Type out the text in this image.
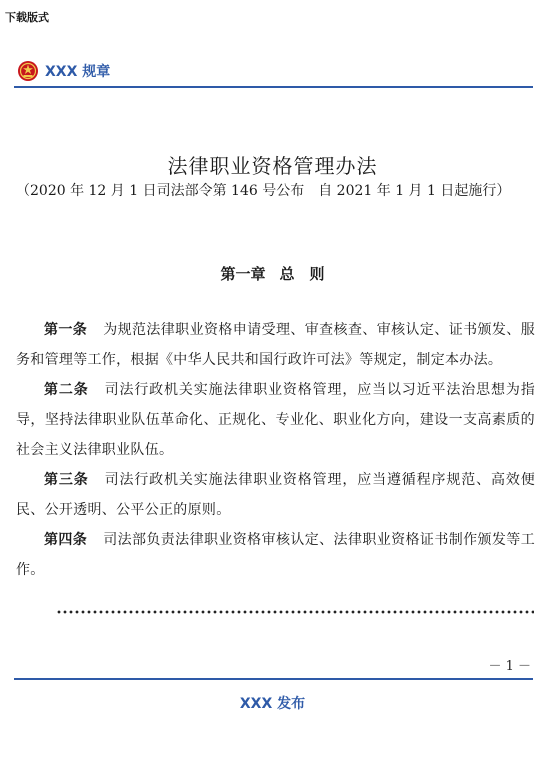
下载版式
XXX 规章
法律职业资格管理办法
（2020 年 12 月 1 日司法部令第 146 号公布　自 2021 年 1 月 1 日起施行）
第一章 总　则

第一条 为规范法律职业资格申请受理、审查核查、审核认定、证书颁发、服务和管理等工作，根据《中华人民共和国行政许可法》等规定，制定本办法。

第二条 司法行政机关实施法律职业资格管理，应当以习近平法治思想为指导，坚持法律职业队伍革命化、正规化、专业化、职业化方向，建设一支高素质的社会主义法律职业队伍。

第三条 司法行政机关实施法律职业资格管理，应当遵循程序规范、高效便民、公开透明、公平公正的原则。

第四条 司法部负责法律职业资格审核认定、法律职业资格证书制作颁发等工作。

－ 1 －
XXX 发布
